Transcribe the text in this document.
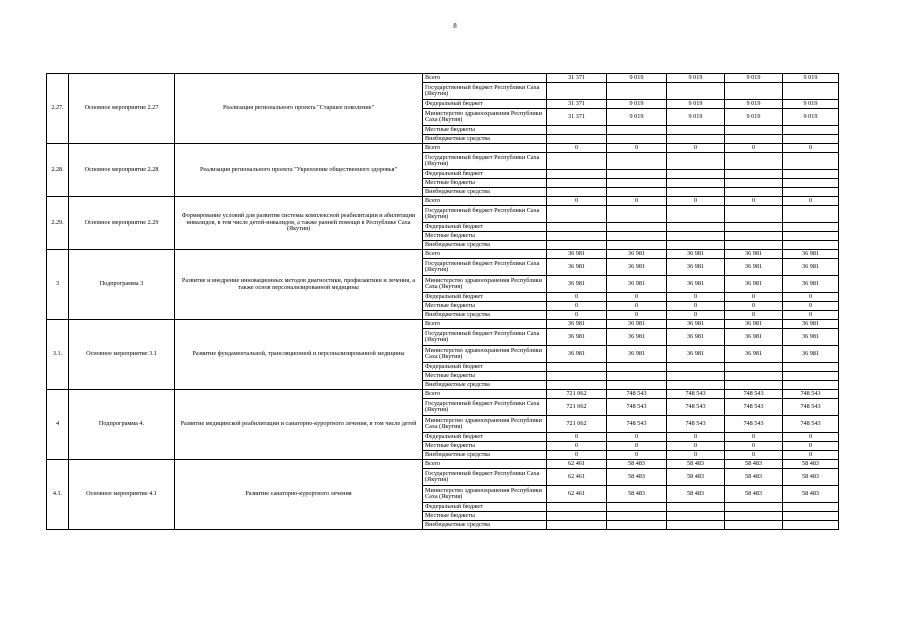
8
2.27.	Основное мероприятие 2.27	Реализация регионального проекта "Старшее поколение"	Всего	31 371	9 019	9 019	9 019	9 019
			Государственный бюджет Республики Саха (Якутия)					
			Федеральный бюджет	31 371	9 019	9 019	9 019	9 019
			Министерство здравоохранения Республики Саха (Якутия)	31 371	9 019	9 019	9 019	9 019
			Местные бюджеты					
			Внебюджетные средства					
2.28.	Основное мероприятие 2.28	Реализация регионального проекта "Укрепление общественного здоровья"	Всего	0	0	0	0	0
			Государственный бюджет Республики Саха (Якутия)					
			Федеральный бюджет					
			Местные бюджеты					
			Внебюджетные средства					
2.29.	Основное мероприятие 2.29	Формирование условий для развития системы комплексной реабилитации и абилитации инвалидов, в том числе детей-инвалидов, а также ранней помощи в Республике Саха (Якутия)	Всего	0	0	0	0	0
			Государственный бюджет Республики Саха (Якутия)					
			Федеральный бюджет					
			Местные бюджеты					
			Внебюджетные средства					
3	Подпрограмма 3	Развитие и внедрение инновационных методов диагностики, профилактики и лечения, а также основ персонализированной медицины	Всего	36 981	36 981	36 981	36 981	36 981
			Государственный бюджет Республики Саха (Якутия)	36 981	36 981	36 981	36 981	36 981
			Министерство здравоохранения Республики Саха (Якутия)	36 981	36 981	36 981	36 981	36 981
			Федеральный бюджет	0	0	0	0	0
			Местные бюджеты	0	0	0	0	0
			Внебюджетные средства	0	0	0	0	0
3.1.	Основное мероприятие 3.1	Развитие фундаментальной, трансляционной и персонализированной медицины	Всего	36 981	36 981	36 981	36 981	36 981
			Государственный бюджет Республики Саха (Якутия)	36 981	36 981	36 981	36 981	36 981
			Министерство здравоохранения Республики Саха (Якутия)	36 981	36 981	36 981	36 981	36 981
			Федеральный бюджет					
			Местные бюджеты					
			Внебюджетные средства					
4	Подпрограмма 4.	Развитие медицинской реабилитации и санаторно-курортного лечения, в том числе детей	Всего	721 062	748 543	748 543	748 543	748 543
			Государственный бюджет Республики Саха (Якутия)	721 062	748 543	748 543	748 543	748 543
			Министерство здравоохранения Республики Саха (Якутия)	721 062	748 543	748 543	748 543	748 543
			Федеральный бюджет	0	0	0	0	0
			Местные бюджеты	0	0	0	0	0
			Внебюджетные средства	0	0	0	0	0
4.1.	Основное мероприятие 4.1	Развитие санаторно-курортного лечения	Всего	62 461	58 483	58 483	58 483	58 483
			Государственный бюджет Республики Саха (Якутия)	62 461	58 483	58 483	58 483	58 483
			Министерство здравоохранения Республики Саха (Якутия)	62 461	58 483	58 483	58 483	58 483
			Федеральный бюджет					
			Местные бюджеты					
			Внебюджетные средства					
